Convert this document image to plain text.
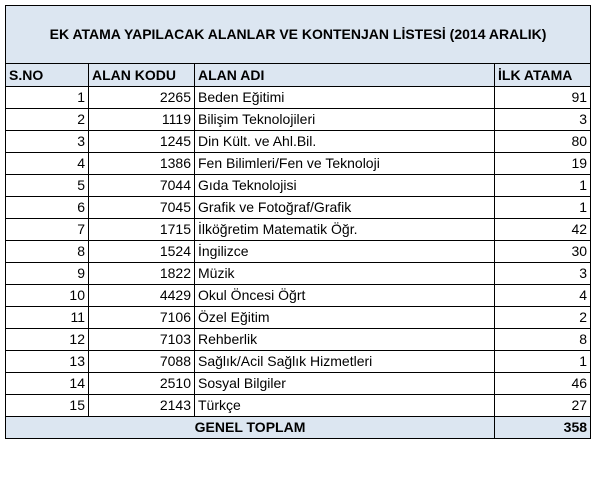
EK ATAMA YAPILACAK ALANLAR VE KONTENJAN LİSTESİ (2014 ARALIK)			
S.NO	ALAN KODU	ALAN ADI	İLK ATAMA
1	2265	Beden Eğitimi	91
2	1119	Bilişim Teknolojileri	3
3	1245	Din Kült. ve Ahl.Bil.	80
4	1386	Fen Bilimleri/Fen ve Teknoloji	19
5	7044	Gıda Teknolojisi	1
6	7045	Grafik ve Fotoğraf/Grafik	1
7	1715	İlköğretim Matematik Öğr.	42
8	1524	İngilizce	30
9	1822	Müzik	3
10	4429	Okul Öncesi Öğrt	4
11	7106	Özel Eğitim	2
12	7103	Rehberlik	8
13	7088	Sağlık/Acil Sağlık Hizmetleri	1
14	2510	Sosyal Bilgiler	46
15	2143	Türkçe	27
GENEL TOPLAM			358
